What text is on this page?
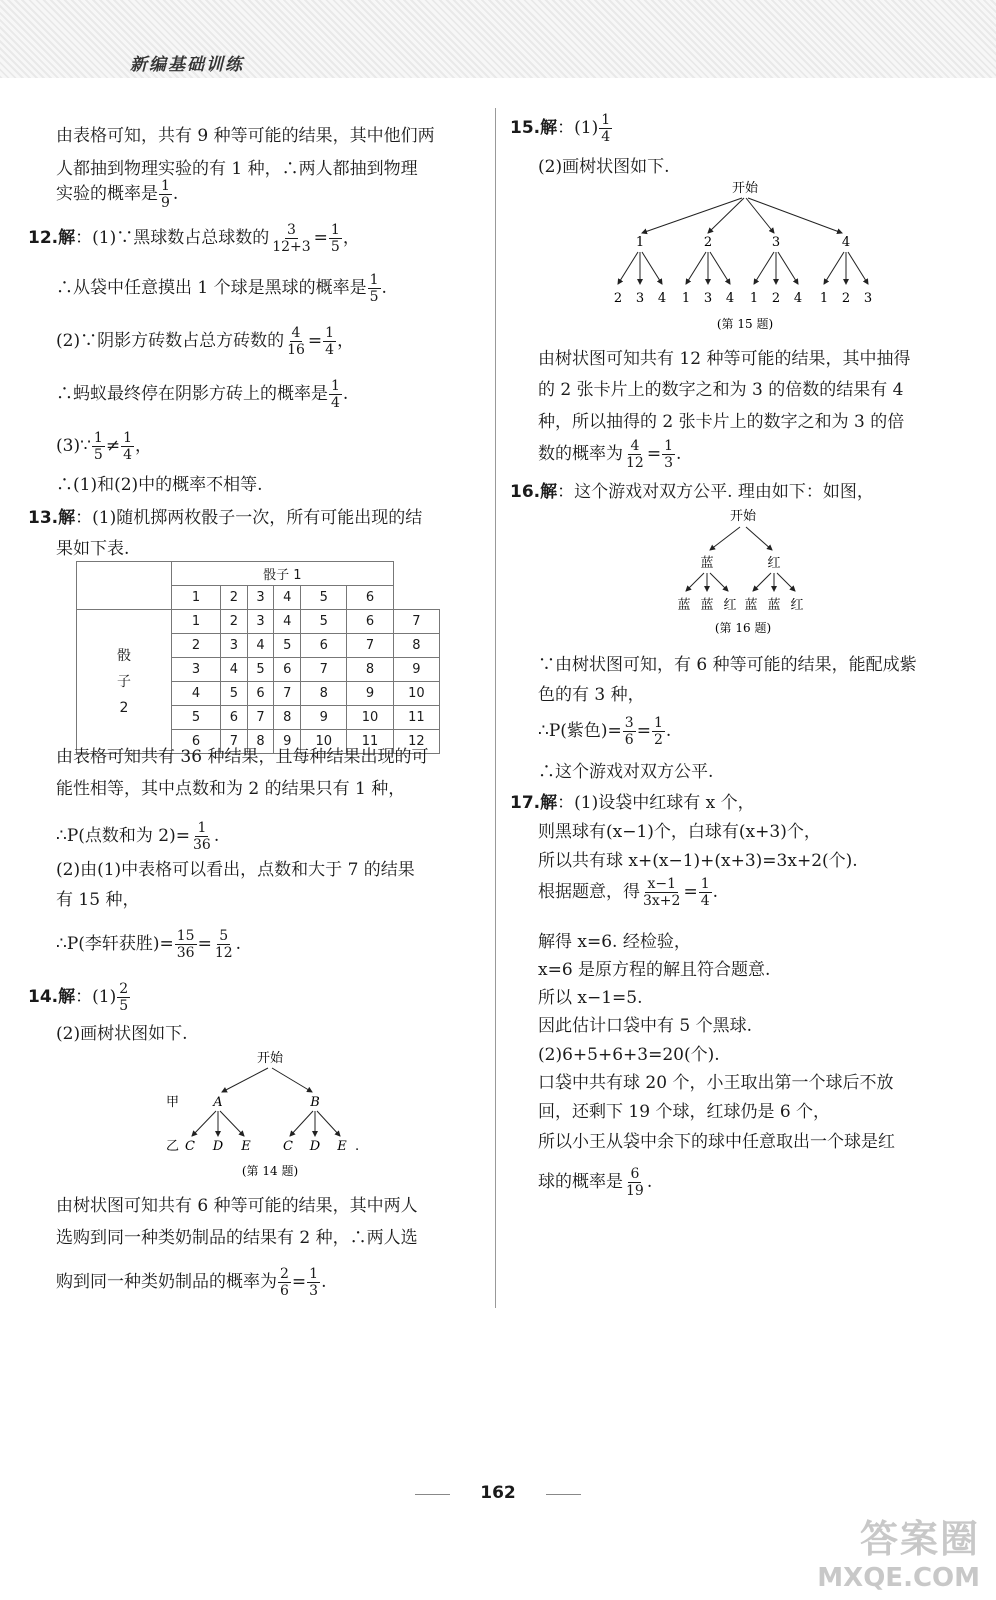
新编基础训练
由表格可知，共有 9 种等可能的结果，其中他们两
人都抽到物理实验的有 1 种，∴两人都抽到物理
实验的概率是 $\frac{1}{9}$ .
12.解：(1)∵黑球数占总球数的 $\frac{3}{12+3} = \frac{1}{5}$ ，
∴从袋中任意摸出 1 个球是黑球的概率是 $\frac{1}{5}$ .
(2)∵阴影方砖数占总方砖数的 $\frac{4}{16} = \frac{1}{4}$ ，
∴蚂蚁最终停在阴影方砖上的概率是 $\frac{1}{4}$ .
(3)∵ $\frac{1}{5} \ne \frac{1}{4}$ ，
∴(1)和(2)中的概率不相等.
13.解：(1)随机掷两枚骰子一次，所有可能出现的结
果如下表.
	骰子 1						
	1	2	3	4	5	6	

骰
子
2	1	2	3	4	5	6	7
	2	3	4	5	6	7	8
	3	4	5	6	7	8	9
	4	5	6	7	8	9	10
	5	6	7	8	9	10	11
	6	7	8	9	10	11	12
由表格可知共有 36 种结果，且每种结果出现的可
能性相等，其中点数和为 2 的结果只有 1 种，
∴P(点数和为 $2)= \frac{1}{36}$ .
(2)由(1)中表格可以看出，点数和大于 7 的结果
有 15 种，
∴P(李轩获胜)= $\frac{15}{36} = \frac{5}{12}$ .
14.解：$(1) \frac{2}{5}$
(2)画树状图如下.
开始
甲
乙
A	B
C D E C D E .
(第 14 题)
由树状图可知共有 6 种等可能的结果，其中两人
选购到同一种类奶制品的结果有 2 种，∴两人选
购到同一种类奶制品的概率为 $\frac{2}{6} = \frac{1}{3}$ .
15.解：$(1) \frac{1}{4}$
(2)画树状图如下.
开始
1
2 3 4
2
1 3 4
3
1 2 4
4
1 2 3
(第 15 题)
由树状图可知共有 12 种等可能的结果，其中抽得
的 2 张卡片上的数字之和为 3 的倍数的结果有 4
种，所以抽得的 2 张卡片上的数字之和为 3 的倍
数的概率为 $\frac{4}{12} = \frac{1}{3}$ .
16.解：这个游戏对双方公平. 理由如下：如图，
开始
蓝	红
蓝 蓝 红 蓝 蓝 红
(第 16 题)
∵由树状图可知，有 6 种等可能的结果，能配成紫
色的有 3 种，
∴P(紫色)= $\frac{3}{6} = \frac{1}{2}$ .
∴这个游戏对双方公平.
17.解：(1)设袋中红球有 x 个，
则黑球有(x−1)个，白球有(x+3)个，
所以共有球 x+(x−1)+(x+3)=3x+2(个).
根据题意，得 $\frac{x-1}{3x+2} = \frac{1}{4}$ .
解得 x=6. 经检验，
x=6 是原方程的解且符合题意.
所以 x−1=5.
因此估计口袋中有 5 个黑球.
(2)6+5+6+3=20(个).
口袋中共有球 20 个，小王取出第一个球后不放
回，还剩下 19 个球，红球仍是 6 个，
所以小王从袋中余下的球中任意取出一个球是红
球的概率是 $\frac{6}{19}$ .
162
答案圈
MXQE.COM
